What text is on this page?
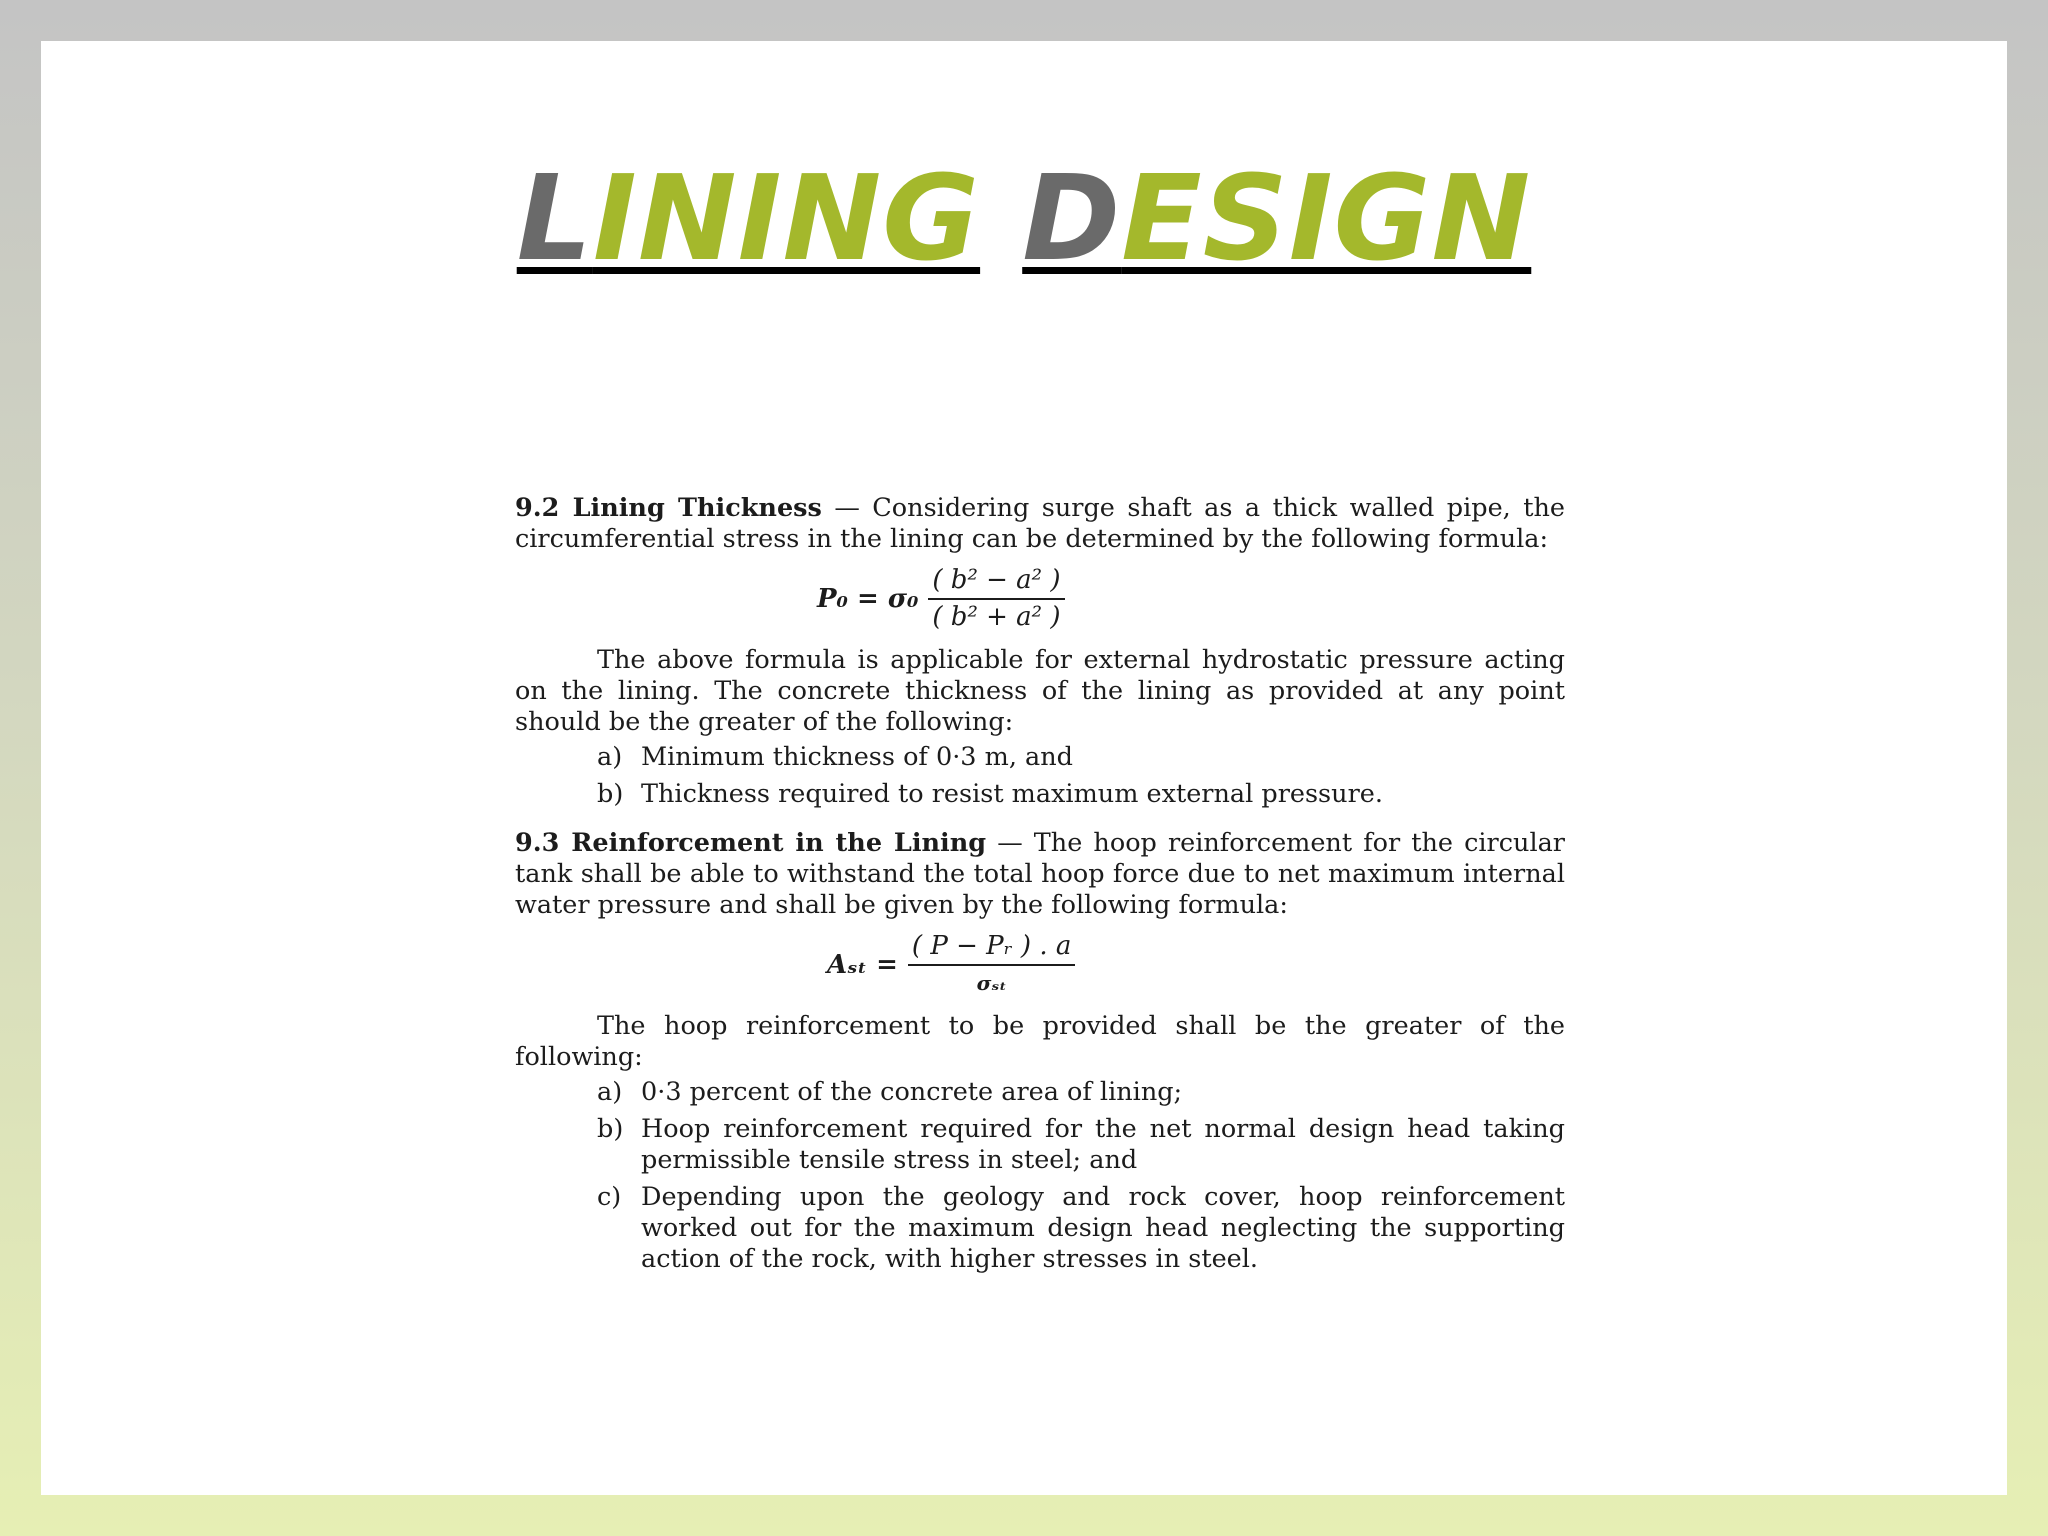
LINING DESIGN

9.2 Lining Thickness — Considering surge shaft as a thick walled pipe, the circumferential stress in the lining can be determined by the following formula:

$P_0 = \sigma_0 \frac{\text{( b² − a² )}}{\text{( b² + a² )}}$

The above formula is applicable for external hydrostatic pressure acting on the lining. The concrete thickness of the lining as provided at any point should be the greater of the following:

a) Minimum thickness of 0·3 m, and
b) Thickness required to resist maximum external pressure.

9.3 Reinforcement in the Lining — The hoop reinforcement for the circular tank shall be able to withstand the total hoop force due to net maximum internal water pressure and shall be given by the following formula:

$A_{st} = \frac{\text{( P − Pᵣ ) . a}}{\text{σₛₜ}}$

The hoop reinforcement to be provided shall be the greater of the following:

a) 0·3 percent of the concrete area of lining;
b) Hoop reinforcement required for the net normal design head taking permissible tensile stress in steel; and
c) Depending upon the geology and rock cover, hoop reinforcement worked out for the maximum design head neglecting the supporting action of the rock, with higher stresses in steel.
